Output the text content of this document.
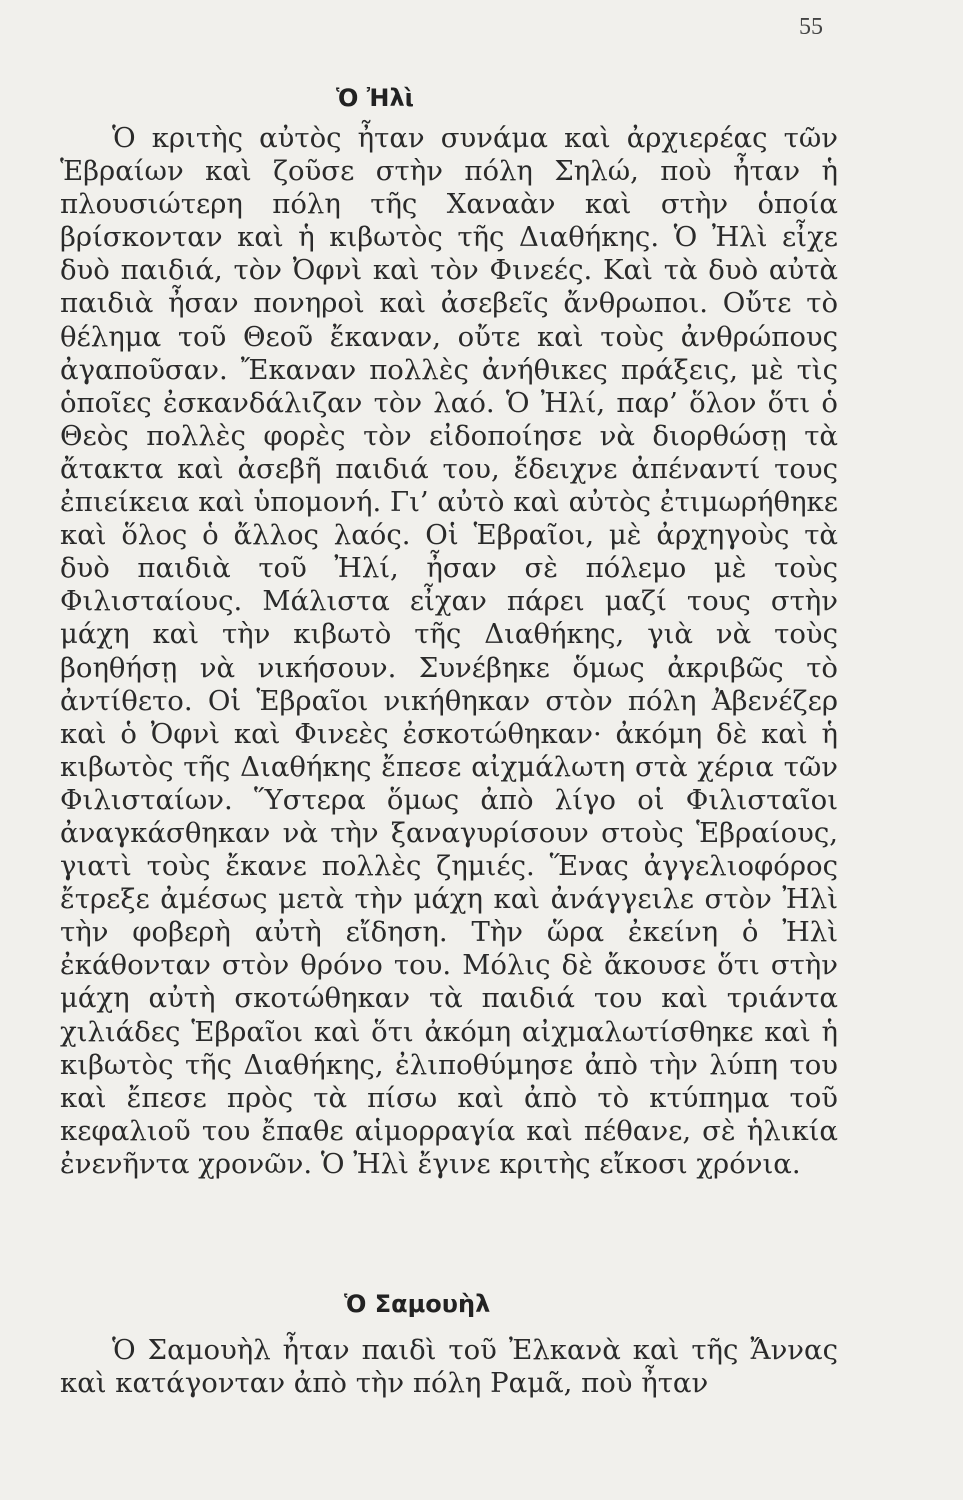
55
Ὁ Ἠλὶ
Ὁ κριτὴς αὐτὸς ἦταν συνάμα καὶ ἀρχιερέας τῶν Ἑβραίων καὶ ζοῦσε στὴν πόλη Σηλώ, ποὺ ἦταν ἡ πλουσιώτερη πόλη τῆς Χαναὰν καὶ στὴν ὁποία βρίσκονταν καὶ ἡ κιβωτὸς τῆς Διαθήκης. Ὁ Ἠλὶ εἶχε δυὸ παιδιά, τὸν Ὀφνὶ καὶ τὸν Φινεές. Καὶ τὰ δυὸ αὐτὰ παιδιὰ ἦσαν πονηροὶ καὶ ἀσεβεῖς ἄνθρωποι. Οὔτε τὸ θέλημα τοῦ Θεοῦ ἔκαναν, οὔτε καὶ τοὺς ἀνθρώπους ἀγαποῦσαν. Ἔκαναν πολλὲς ἀνήθικες πράξεις, μὲ τὶς ὁποῖες ἐσκανδάλιζαν τὸν λαό. Ὁ Ἠλί, παρ’ ὅλον ὅτι ὁ Θεὸς πολλὲς φορὲς τὸν εἰδοποίησε νὰ διορθώσῃ τὰ ἄτακτα καὶ ἀσεβῆ παιδιά του, ἔδειχνε ἀπέναντί τους ἐπιείκεια καὶ ὑπομονή. Γι’ αὐτὸ καὶ αὐτὸς ἐτιμωρήθηκε καὶ ὅλος ὁ ἄλλος λαός. Οἱ Ἑβραῖοι, μὲ ἀρχηγοὺς τὰ δυὸ παιδιὰ τοῦ Ἠλί, ἦσαν σὲ πόλεμο μὲ τοὺς Φιλισταίους. Μάλιστα εἶχαν πάρει μαζί τους στὴν μάχη καὶ τὴν κιβωτὸ τῆς Διαθήκης, γιὰ νὰ τοὺς βοηθήσῃ νὰ νικήσουν. Συνέβηκε ὅμως ἀκριβῶς τὸ ἀντίθετο. Οἱ Ἑβραῖοι νικήθηκαν στὸν πόλη Ἀβενέζερ καὶ ὁ Ὀφνὶ καὶ Φινεὲς ἐσκοτώθηκαν· ἀκόμη δὲ καὶ ἡ κιβωτὸς τῆς Διαθήκης ἔπεσε αἰχμάλωτη στὰ χέρια τῶν Φιλισταίων. Ὕστερα ὅμως ἀπὸ λίγο οἱ Φιλισταῖοι ἀναγκάσθηκαν νὰ τὴν ξαναγυρίσουν στοὺς Ἑβραίους, γιατὶ τοὺς ἔκανε πολλὲς ζημιές. Ἕνας ἀγγελιοφόρος ἔτρεξε ἀμέσως μετὰ τὴν μάχη καὶ ἀνάγγειλε στὸν Ἠλὶ τὴν φοβερὴ αὐτὴ εἴδηση. Τὴν ὥρα ἐκείνη ὁ Ἠλὶ ἐκάθονταν στὸν θρόνο του. Μόλις δὲ ἄκουσε ὅτι στὴν μάχη αὐτὴ σκοτώθηκαν τὰ παιδιά του καὶ τριάντα χιλιάδες Ἑβραῖοι καὶ ὅτι ἀκόμη αἰχμαλωτίσθηκε καὶ ἡ κιβωτὸς τῆς Διαθήκης, ἐλιποθύμησε ἀπὸ τὴν λύπη του καὶ ἔπεσε πρὸς τὰ πίσω καὶ ἀπὸ τὸ κτύπημα τοῦ κεφαλιοῦ του ἔπαθε αἱμορραγία καὶ πέθανε, σὲ ἡλικία ἐνενῆντα χρονῶν. Ὁ Ἠλὶ ἔγινε κριτὴς εἴκοσι χρόνια.
Ὁ Σαμουὴλ
Ὁ Σαμουὴλ ἦταν παιδὶ τοῦ Ἐλκανὰ καὶ τῆς Ἄννας καὶ κατάγονταν ἀπὸ τὴν πόλη Ραμᾶ, ποὺ ἦταν
